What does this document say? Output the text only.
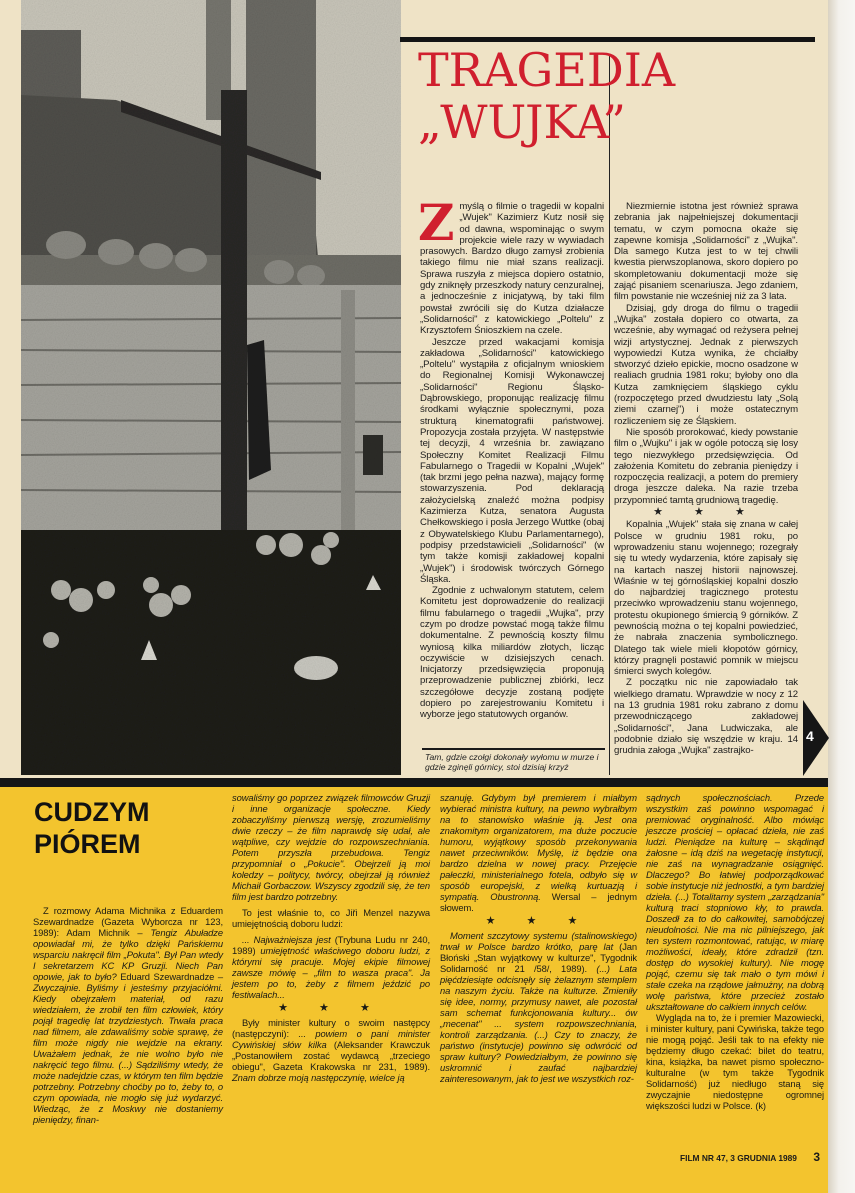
TRAGEDIA
„WUJKA”

Zmyślą o filmie o tragedii w kopalni „Wujek" Kazimierz Kutz nosił się od dawna, wspominając o swym projekcie wiele razy w wywiadach prasowych. Bardzo długo zamysł zrobienia takiego filmu nie miał szans realizacji. Sprawa ruszyła z miejsca dopiero ostatnio, gdy zniknęły przeszkody natury cenzuralnej, a jednocześnie z inicjatywą, by taki film powstał zwrócili się do Kutza działacze „Solidarności" z katowickiego „Poltelu" z Krzysztofem Śnioszkiem na czele.

Jeszcze przed wakacjami komisja zakładowa „Solidarności" katowickiego „Poltelu" wystąpiła z oficjalnym wnioskiem do Regionalnej Komisji Wykonawczej „Solidarności" Regionu Śląsko-Dąbrowskiego, proponując realizację filmu środkami wyłącznie społecznymi, poza strukturą kinematografii państwowej. Propozycja została przyjęta. W następstwie tej decyzji, 4 września br. zawiązano Społeczny Komitet Realizacji Filmu Fabularnego o Tragedii w Kopalni „Wujek" (tak brzmi jego pełna nazwa), mający formę stowarzyszenia. Pod deklaracją założycielską znaleźć można podpisy Kazimierza Kutza, senatora Augusta Chełkowskiego i posła Jerzego Wuttke (obaj z Obywatelskiego Klubu Parlamentarnego), podpisy przedstawicieli „Solidarności" (w tym także komisji zakładowej kopalni „Wujek") i środowisk twórczych Górnego Śląska.

Zgodnie z uchwalonym statutem, celem Komitetu jest doprowadzenie do realizacji filmu fabularnego o tragedii „Wujka", przy czym po drodze powstać mogą także filmu dokumentalne. Z pewnością koszty filmu wyniosą kilka miliardów złotych, licząc oczywiście w dzisiejszych cenach. Inicjatorzy przedsięwzięcia proponują przeprowadzenie publicznej zbiórki, lecz szczegółowe decyzje zostaną podjęte dopiero po zarejestrowaniu Komitetu i wyborze jego statutowych organów.

Niezmiernie istotna jest również sprawa zebrania jak najpełniejszej dokumentacji tematu, w czym pomocna okaże się zapewne komisja „Solidarności" z „Wujka". Dla samego Kutza jest to w tej chwili kwestia pierwszoplanowa, skoro dopiero po skompletowaniu dokumentacji może się zająć pisaniem scenariusza. Jego zdaniem, film powstanie nie wcześniej niż za 3 lata.

Dzisiaj, gdy droga do filmu o tragedii „Wujka" została dopiero co otwarta, za wcześnie, aby wymagać od reżysera pełnej wizji artystycznej. Jednak z pierwszych wypowiedzi Kutza wynika, że chciałby stworzyć dzieło epickie, mocno osadzone w realiach grudnia 1981 roku; byłoby ono dla Kutza zamknięciem śląskiego cyklu (rozpoczętego przed dwudziestu laty „Solą ziemi czarnej") i może ostatecznym rozliczeniem się ze Śląskiem.

Nie sposób prorokować, kiedy powstanie film o „Wujku" i jak w ogóle potoczą się losy tego niezwykłego przedsięwzięcia. Od założenia Komitetu do zebrania pieniędzy i rozpoczęcia realizacji, a potem do premiery droga jeszcze daleka. Na razie trzeba przypomnieć tamtą grudniową tragedię.

★ ★ ★

Kopalnia „Wujek" stała się znana w całej Polsce w grudniu 1981 roku, po wprowadzeniu stanu wojennego; rozegrały się tu wtedy wydarzenia, które zapisały się na kartach naszej historii najnowszej. Właśnie w tej górnośląskiej kopalni doszło do najbardziej tragicznego protestu przeciwko wprowadzeniu stanu wojennego, protestu okupionego śmiercią 9 górników. Z pewnością można o tej kopalni powiedzieć, że nabrała znaczenia symbolicznego. Dlatego tak wiele mieli kłopotów górnicy, którzy pragnęli postawić pomnik w miejscu śmierci swych kolegów.

Z początku nic nie zapowiadało tak wielkiego dramatu. Wprawdzie w nocy z 12 na 13 grudnia 1981 roku zabrano z domu przewodniczącego zakładowej „Solidarności", Jana Ludwiczaka, ale podobnie działo się wszędzie w kraju. 14 grudnia załoga „Wujka" zastrajko-

Tam, gdzie czołgi dokonały wyłomu w murze i gdzie zginęli górnicy, stoi dzisiaj krzyż
4
CUDZYM
PIÓREM

Z rozmowy Adama Michnika z Eduardem Szewardnadze (Gazeta Wyborcza nr 123, 1989): Adam Michnik – Tengiz Abuładze opowiadał mi, że tylko dzięki Pańskiemu wsparciu nakręcił film „Pokuta". Był Pan wtedy I sekretarzem KC KP Gruzji. Niech Pan opowie, jak to było? Eduard Szewardnadze – Zwyczajnie. Byliśmy i jesteśmy przyjaciółmi. Kiedy obejrzałem materiał, od razu wiedziałem, że zrobił ten film człowiek, który pojął tragedię lat trzydziestych. Trwała praca nad filmem, ale zdawaliśmy sobie sprawę, że film może nigdy nie wejdzie na ekrany. Uważałem jednak, że nie wolno było nie nakręcić tego filmu. (...) Sądziliśmy wtedy, że może nadejdzie czas, w którym ten film będzie potrzebny. Potrzebny choćby po to, żeby to, o czym opowiada, nie mogło się już wydarzyć. Wiedząc, że z Moskwy nie dostaniemy pieniędzy, finan-

sowaliśmy go poprzez związek filmowców Gruzji i inne organizacje społeczne. Kiedy zobaczyliśmy pierwszą wersję, zrozumieliśmy dwie rzeczy – że film naprawdę się udał, ale wątpliwe, czy wejdzie do rozpowszechniania. Potem przyszła przebudowa. Tengiz przypomniał o „Pokucie". Obejrzeli ją moi koledzy – politycy, twórcy, obejrzał ją również Michaił Gorbaczow. Wszyscy zgodzili się, że ten film jest bardzo potrzebny.

To jest właśnie to, co Jiři Menzel nazywa umiejętnością doboru ludzi:

... Najważniejsza jest (Trybuna Ludu nr 240, 1989) umiejętność właściwego doboru ludzi, z którymi się pracuje. Mojej ekipie filmowej zawsze mówię – „film to wasza praca". Ja jestem po to, żeby z filmem jeździć po festiwalach...

★ ★ ★

Były minister kultury o swoim następcy (następczyni): ... powiem o pani minister Cywińskiej słów kilka (Aleksander Krawczuk „Postanowiłem zostać wydawcą „trzeciego obiegu", Gazeta Krakowska nr 231, 1989). Znam dobrze moją następczynię, wielce ją

szanuję. Gdybym był premierem i miałbym wybierać ministra kultury, na pewno wybrałbym na to stanowisko właśnie ją. Jest ona znakomitym organizatorem, ma duże poczucie humoru, wyjątkowy sposób przekonywania nawet przeciwników. Myślę, iż będzie ona bardzo dzielna w nowej pracy. Przejęcie pałeczki, ministerialnego fotela, odbyło się w sposób europejski, z wielką kurtuazją i sympatią. Obustronną. Wersal – jednym słowem.

★ ★ ★

Moment szczytowy systemu (stalinowskiego) trwał w Polsce bardzo krótko, parę lat (Jan Błoński „Stan wyjątkowy w kulturze", Tygodnik Solidarność nr 21 /58/, 1989). (...) Lata pięćdziesiąte odcisnęły się żelaznym stemplem na naszym życiu. Także na kulturze. Zmieniły się idee, normy, przymusy nawet, ale pozostał sam schemat funkcjonowania kultury... ów „mecenat" ... system rozpowszechniania, kontroli zarządzania. (...) Czy to znaczy, że państwo (instytucje) powinno się odwrócić od spraw kultury? Powiedziałbym, że powinno się uskromnić i zaufać najbardziej zainteresowanym, jak to jest we wszystkich roz-

sądnych społecznościach. Przede wszystkim zaś powinno wspomagać i premiować oryginalność. Albo mówiąc jeszcze prościej – opłacać dzieła, nie zaś ludzi. Pieniądze na kulturę – skądinąd żałosne – idą dziś na wegetację instytucji, nie zaś na wynagradzanie osiągnięć. Dlaczego? Bo łatwiej podporządkować sobie instytucje niż jednostki, a tym bardziej dzieła. (...) Totalitarny system „zarządzania" kulturą traci stopniowo kły, to prawda. Doszedł za to do całkowitej, samobójczej nieudolności. Nie ma nic pilniejszego, jak ten system rozmontować, ratując, w miarę możliwości, ideały, które zdradził (tzn. dostęp do wysokiej kultury). Nie mogę pojąć, czemu się tak mało o tym mówi i stale czeka na rządowe jałmużny, na dobrą wolę państwa, które przecież zostało ukształtowane do całkiem innych celów.

Wygląda na to, że i premier Mazowiecki, i minister kultury, pani Cywińska, także tego nie mogą pojąć. Jeśli tak to na efekty nie będziemy długo czekać: bilet do teatru, kina, książka, ba nawet pismo społeczno-kulturalne (w tym także Tygodnik Solidarność) już niedługo staną się zwyczajnie niedostępne ogromnej większości ludzi w Polsce. (k)

FILM NR 47, 3 GRUDNIA 1989 3
